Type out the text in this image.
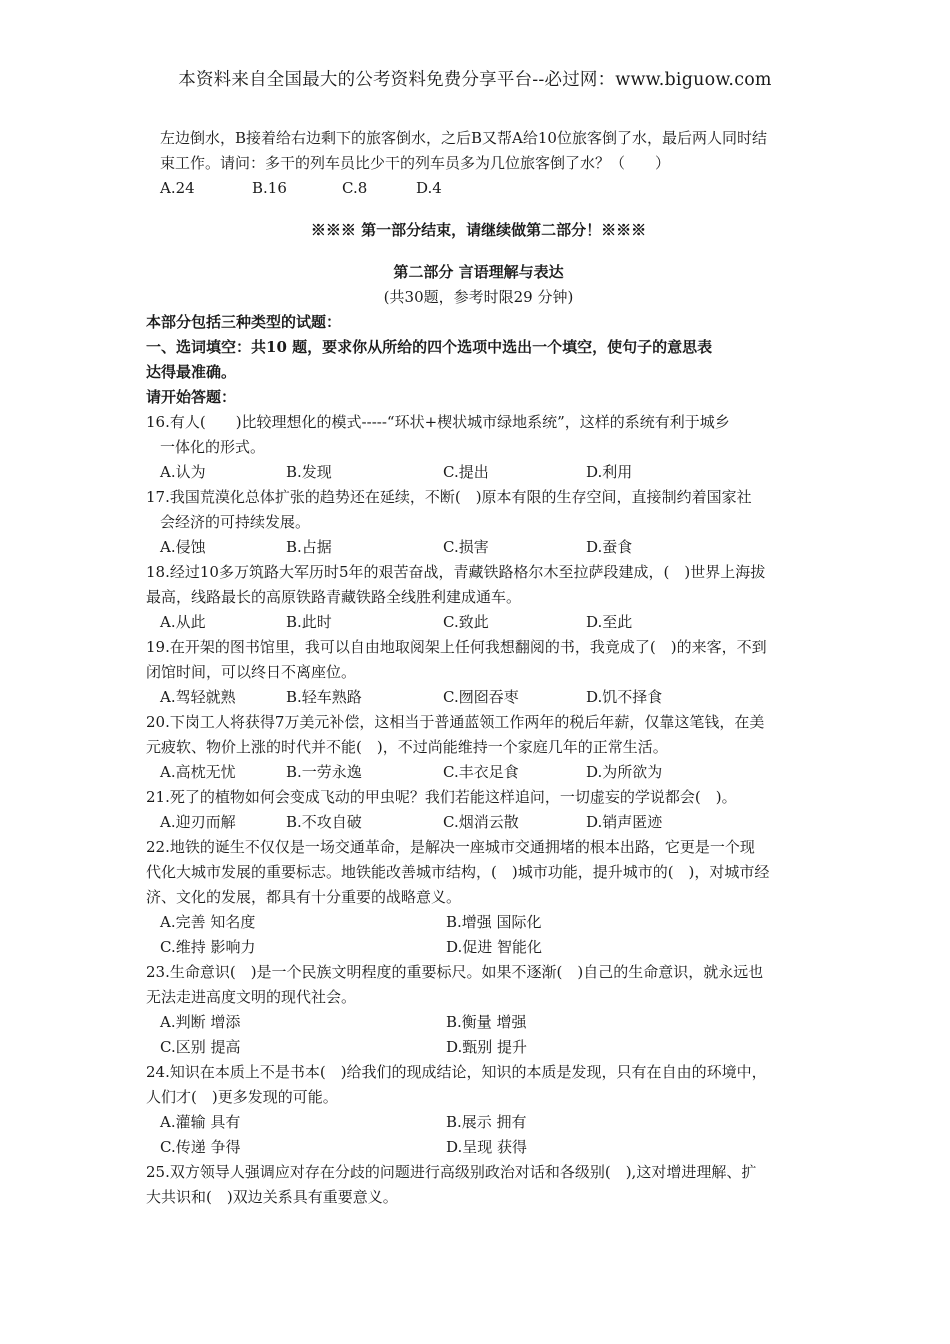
本资料来自全国最大的公考资料免费分享平台--必过网：www.biguow.com
左边倒水，B接着给右边剩下的旅客倒水，之后B又帮A给10位旅客倒了水，最后两人同时结
束工作。请问：多干的列车员比少干的列车员多为几位旅客倒了水？（　　）
A.24	B.16	C.8	D.4
※※※ 第一部分结束，请继续做第二部分！※※※
第二部分 言语理解与表达
(共30题，参考时限29 分钟)
本部分包括三种类型的试题：
一、选词填空：共10 题，要求你从所给的四个选项中选出一个填空，使句子的意思表
达得最准确。
请开始答题：
16.有人(　　)比较理想化的模式-----“环状+楔状城市绿地系统”，这样的系统有利于城乡
一体化的形式。
A.认为	B.发现	C.提出	D.利用
17.我国荒漠化总体扩张的趋势还在延续，不断(　)原本有限的生存空间，直接制约着国家社
会经济的可持续发展。
A.侵蚀	B.占据	C.损害	D.蚕食
18.经过10多万筑路大军历时5年的艰苦奋战，青藏铁路格尔木至拉萨段建成，(　)世界上海拔
最高，线路最长的高原铁路青藏铁路全线胜利建成通车。
A.从此	B.此时	C.致此	D.至此
19.在开架的图书馆里，我可以自由地取阅架上任何我想翻阅的书，我竟成了(　)的来客，不到
闭馆时间，可以终日不离座位。
A.驾轻就熟	B.轻车熟路	C.囫囵吞枣	D.饥不择食
20.下岗工人将获得7万美元补偿，这相当于普通蓝领工作两年的税后年薪，仅靠这笔钱，在美
元疲软、物价上涨的时代并不能(　)，不过尚能维持一个家庭几年的正常生活。
A.高枕无忧	B.一劳永逸	C.丰衣足食	D.为所欲为
21.死了的植物如何会变成飞动的甲虫呢？我们若能这样追问，一切虚妄的学说都会(　)。
A.迎刃而解	B.不攻自破	C.烟消云散	D.销声匿迹
22.地铁的诞生不仅仅是一场交通革命，是解决一座城市交通拥堵的根本出路，它更是一个现
代化大城市发展的重要标志。地铁能改善城市结构，(　)城市功能，提升城市的(　)，对城市经
济、文化的发展，都具有十分重要的战略意义。
A.完善 知名度	B.增强 国际化
C.维持 影响力	D.促进 智能化
23.生命意识(　)是一个民族文明程度的重要标尺。如果不逐渐(　)自己的生命意识，就永远也
无法走进高度文明的现代社会。
A.判断 增添	B.衡量 增强
C.区别 提高	D.甄别 提升
24.知识在本质上不是书本(　)给我们的现成结论，知识的本质是发现，只有在自由的环境中，
人们才(　)更多发现的可能。
A.灌输 具有	B.展示 拥有
C.传递 争得	D.呈现 获得
25.双方领导人强调应对存在分歧的问题进行高级别政治对话和各级别(　),这对增进理解、扩
大共识和(　)双边关系具有重要意义。
